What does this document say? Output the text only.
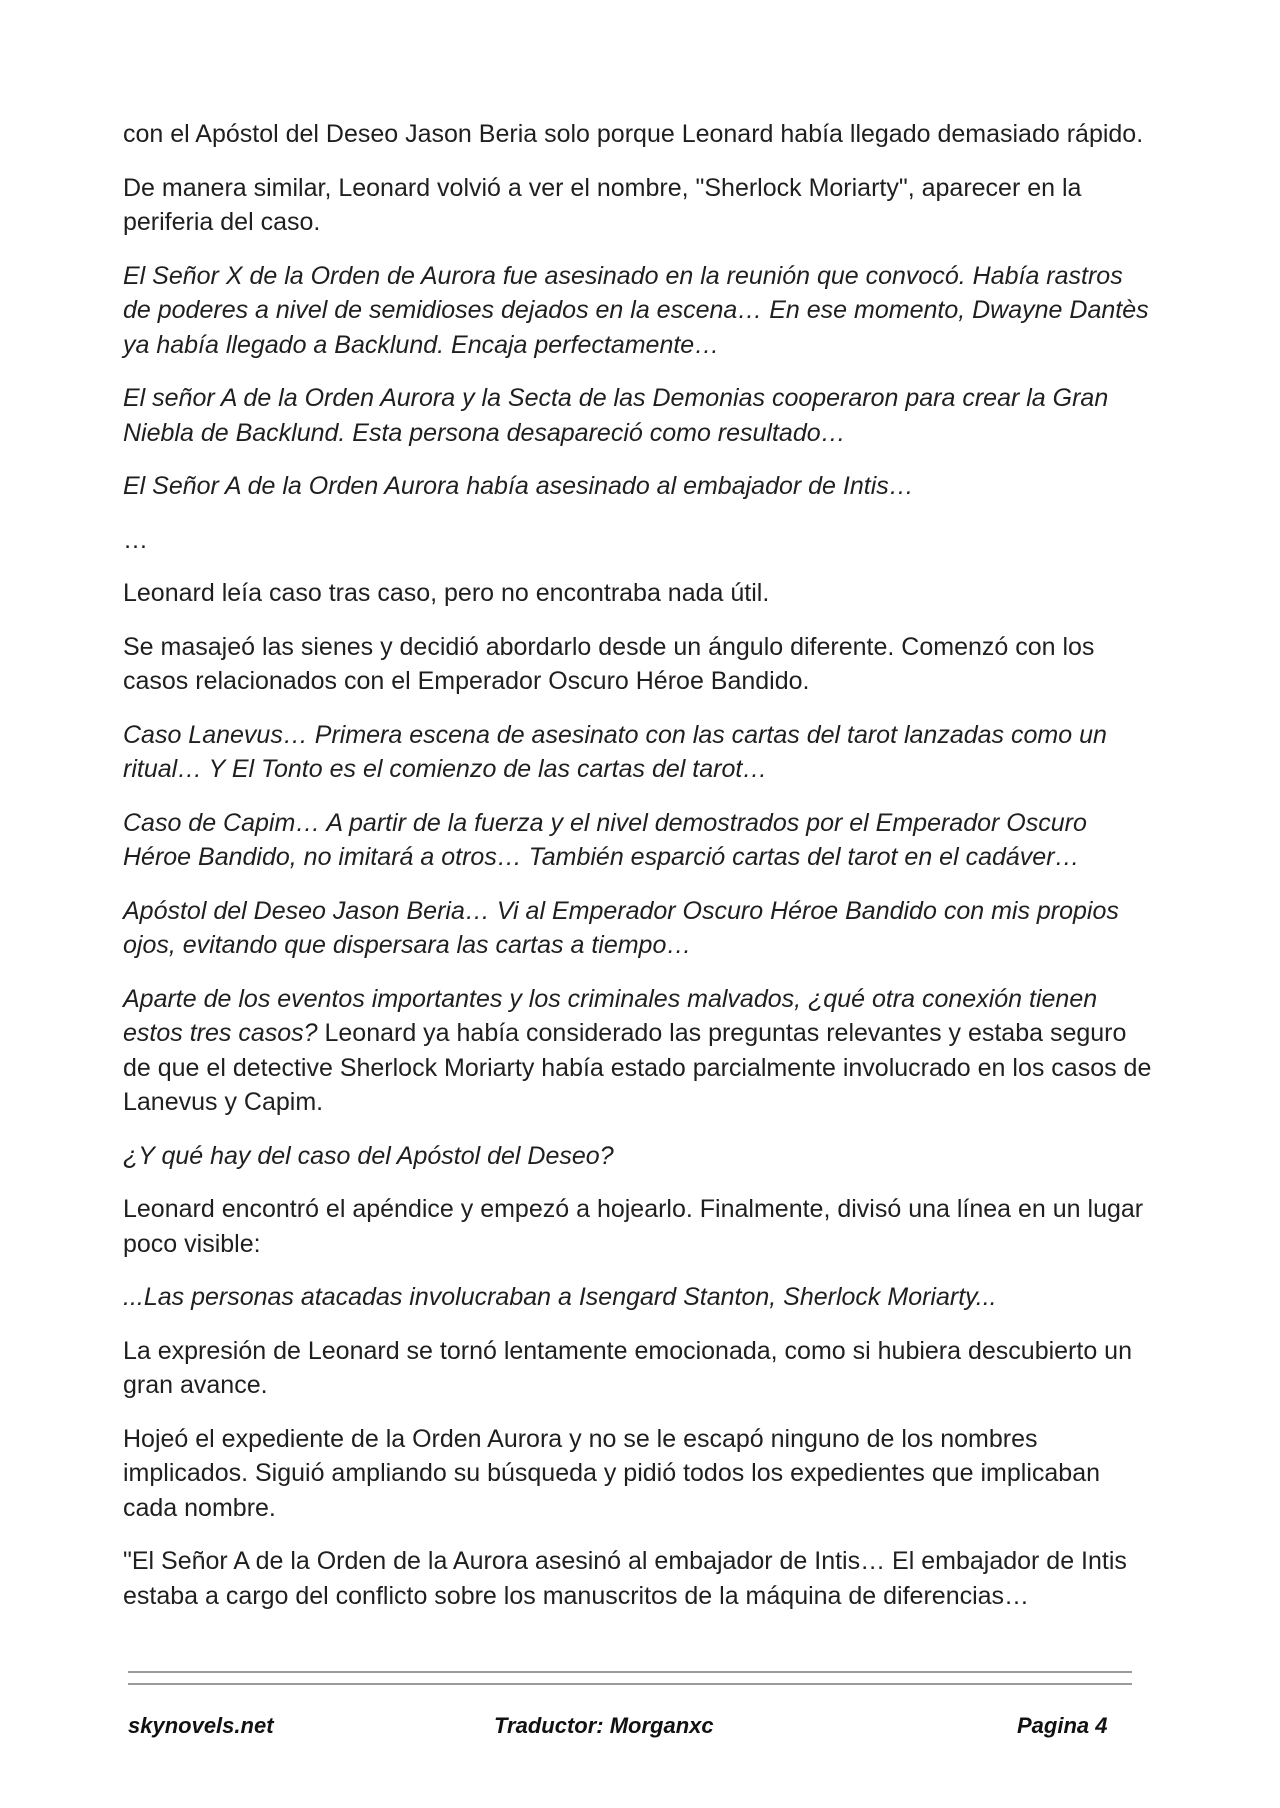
con el Apóstol del Deseo Jason Beria solo porque Leonard había llegado demasiado rápido.

De manera similar, Leonard volvió a ver el nombre, "Sherlock Moriarty", aparecer en la periferia del caso.

El Señor X de la Orden de Aurora fue asesinado en la reunión que convocó. Había rastros de poderes a nivel de semidioses dejados en la escena… En ese momento, Dwayne Dantès ya había llegado a Backlund. Encaja perfectamente…

El señor A de la Orden Aurora y la Secta de las Demonias cooperaron para crear la Gran Niebla de Backlund. Esta persona desapareció como resultado…

El Señor A de la Orden Aurora había asesinado al embajador de Intis…

…

Leonard leía caso tras caso, pero no encontraba nada útil.

Se masajeó las sienes y decidió abordarlo desde un ángulo diferente. Comenzó con los casos relacionados con el Emperador Oscuro Héroe Bandido.

Caso Lanevus… Primera escena de asesinato con las cartas del tarot lanzadas como un ritual… Y El Tonto es el comienzo de las cartas del tarot…

Caso de Capim… A partir de la fuerza y el nivel demostrados por el Emperador Oscuro Héroe Bandido, no imitará a otros… También esparció cartas del tarot en el cadáver…

Apóstol del Deseo Jason Beria… Vi al Emperador Oscuro Héroe Bandido con mis propios ojos, evitando que dispersara las cartas a tiempo…

Aparte de los eventos importantes y los criminales malvados, ¿qué otra conexión tienen estos tres casos? Leonard ya había considerado las preguntas relevantes y estaba seguro de que el detective Sherlock Moriarty había estado parcialmente involucrado en los casos de Lanevus y Capim.

¿Y qué hay del caso del Apóstol del Deseo?

Leonard encontró el apéndice y empezó a hojearlo. Finalmente, divisó una línea en un lugar poco visible:

...Las personas atacadas involucraban a Isengard Stanton, Sherlock Moriarty...

La expresión de Leonard se tornó lentamente emocionada, como si hubiera descubierto un gran avance.

Hojeó el expediente de la Orden Aurora y no se le escapó ninguno de los nombres implicados. Siguió ampliando su búsqueda y pidió todos los expedientes que implicaban cada nombre.

"El Señor A de la Orden de la Aurora asesinó al embajador de Intis… El embajador de Intis estaba a cargo del conflicto sobre los manuscritos de la máquina de diferencias…

skynovels.net	Traductor: Morganxc	Pagina 4
